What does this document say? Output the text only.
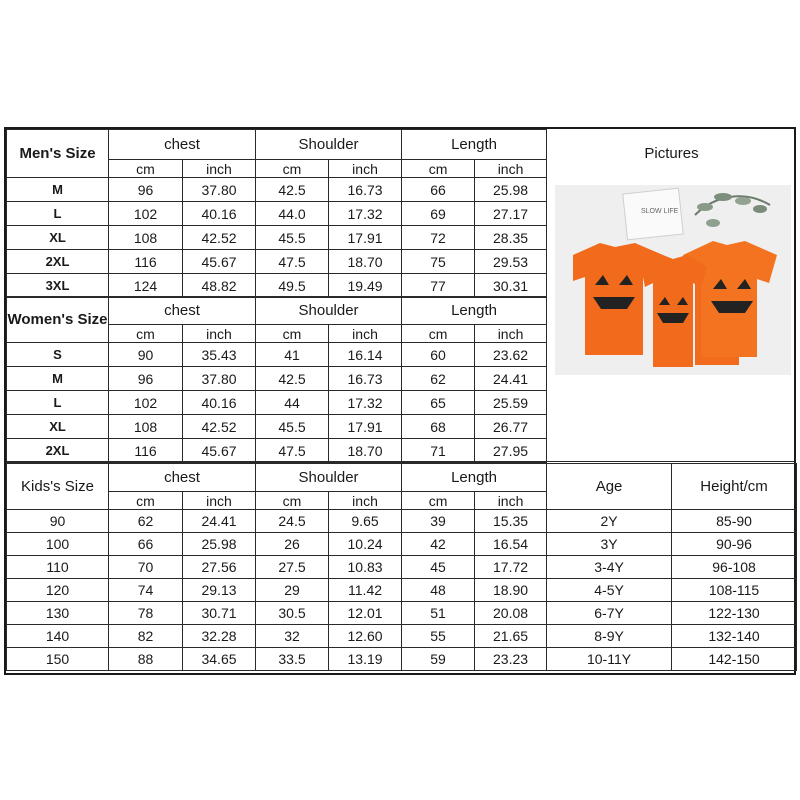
Men's Size	chest		Shoulder		Length	
	cm	inch	cm	inch	cm	inch
M	96	37.80	42.5	16.73	66	25.98
L	102	40.16	44.0	17.32	69	27.17
XL	108	42.52	45.5	17.91	72	28.35
2XL	116	45.67	47.5	18.70	75	29.53
3XL	124	48.82	49.5	19.49	77	30.31
Women's Size	chest		Shoulder		Length	
	cm	inch	cm	inch	cm	inch
S	90	35.43	41	16.14	60	23.62
M	96	37.80	42.5	16.73	62	24.41
L	102	40.16	44	17.32	65	25.59
XL	108	42.52	45.5	17.91	68	26.77
2XL	116	45.67	47.5	18.70	71	27.95
Pictures
SLOW LIFE
Kids's Size	chest		Shoulder		Length		Age	Height/cm
	cm	inch	cm	inch	cm	inch		
90	62	24.41	24.5	9.65	39	15.35	2Y	85-90
100	66	25.98	26	10.24	42	16.54	3Y	90-96
110	70	27.56	27.5	10.83	45	17.72	3-4Y	96-108
120	74	29.13	29	11.42	48	18.90	4-5Y	108-115
130	78	30.71	30.5	12.01	51	20.08	6-7Y	122-130
140	82	32.28	32	12.60	55	21.65	8-9Y	132-140
150	88	34.65	33.5	13.19	59	23.23	10-11Y	142-150
